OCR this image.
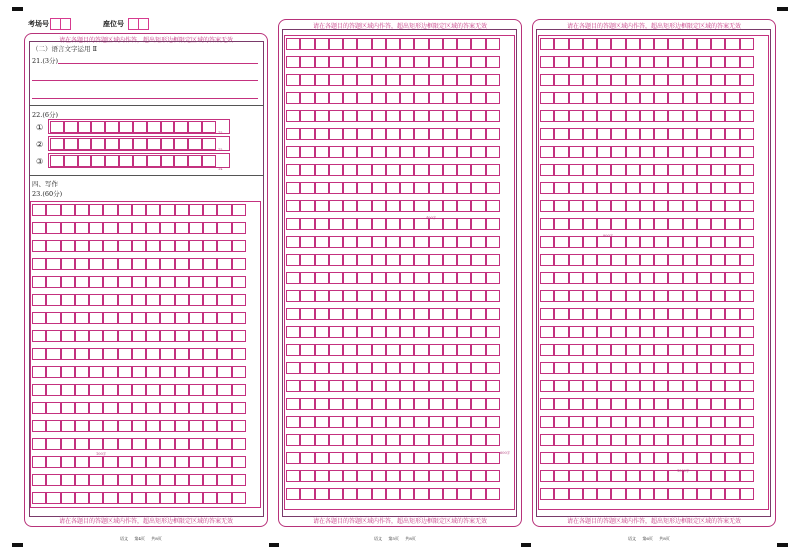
考场号	座位号
请在各题目的答题区域内作答，超出矩形边框限定区域的答案无效
请在各题目的答题区域内作答，超出矩形边框限定区域的答案无效
（二）语言文字运用 Ⅱ
21.(3分)
22.(6分)
①
②
③
15
15
14
四、写作
23.(60分)
100字
请在各题目的答题区域内作答，超出矩形边框限定区域的答案无效
请在各题目的答题区域内作答，超出矩形边框限定区域的答案无效
400字
600字
请在各题目的答题区域内作答，超出矩形边框限定区域的答案无效
请在各题目的答题区域内作答，超出矩形边框限定区域的答案无效
800字
1000字
语文 第4页 共8页	语文 第5页 共8页	语文 第6页 共8页
